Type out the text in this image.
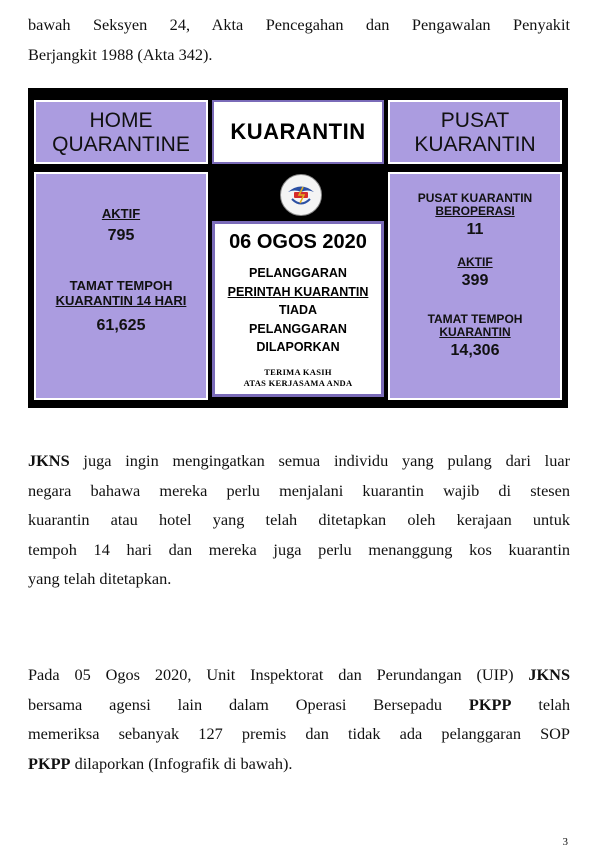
bawah Seksyen 24, Akta Pencegahan dan Pengawalan Penyakit
Berjangkit 1988 (Akta 342).
HOME
QUARANTINE
KUARANTIN	PUSAT
KUARANTIN
AKTIF
795
TAMAT TEMPOH
KUARANTIN 14 HARI
61,625
06 OGOS 2020
PELANGGARAN
PERINTAH KUARANTIN
TIADA
PELANGGARAN
DILAPORKAN
TERIMA KASIH
ATAS KERJASAMA ANDA
PUSAT KUARANTIN
BEROPERASI
11
AKTIF
399
TAMAT TEMPOH
KUARANTIN
14,306
JKNS juga ingin mengingatkan semua individu yang pulang dari luar
negara bahawa mereka perlu menjalani kuarantin wajib di stesen
kuarantin atau hotel yang telah ditetapkan oleh kerajaan untuk
tempoh 14 hari dan mereka juga perlu menanggung kos kuarantin
yang telah ditetapkan.
Pada 05 Ogos 2020, Unit Inspektorat dan Perundangan (UIP) JKNS
bersama agensi lain dalam Operasi Bersepadu PKPP telah
memeriksa sebanyak 127 premis dan tidak ada pelanggaran SOP
PKPP dilaporkan (Infografik di bawah).
3
